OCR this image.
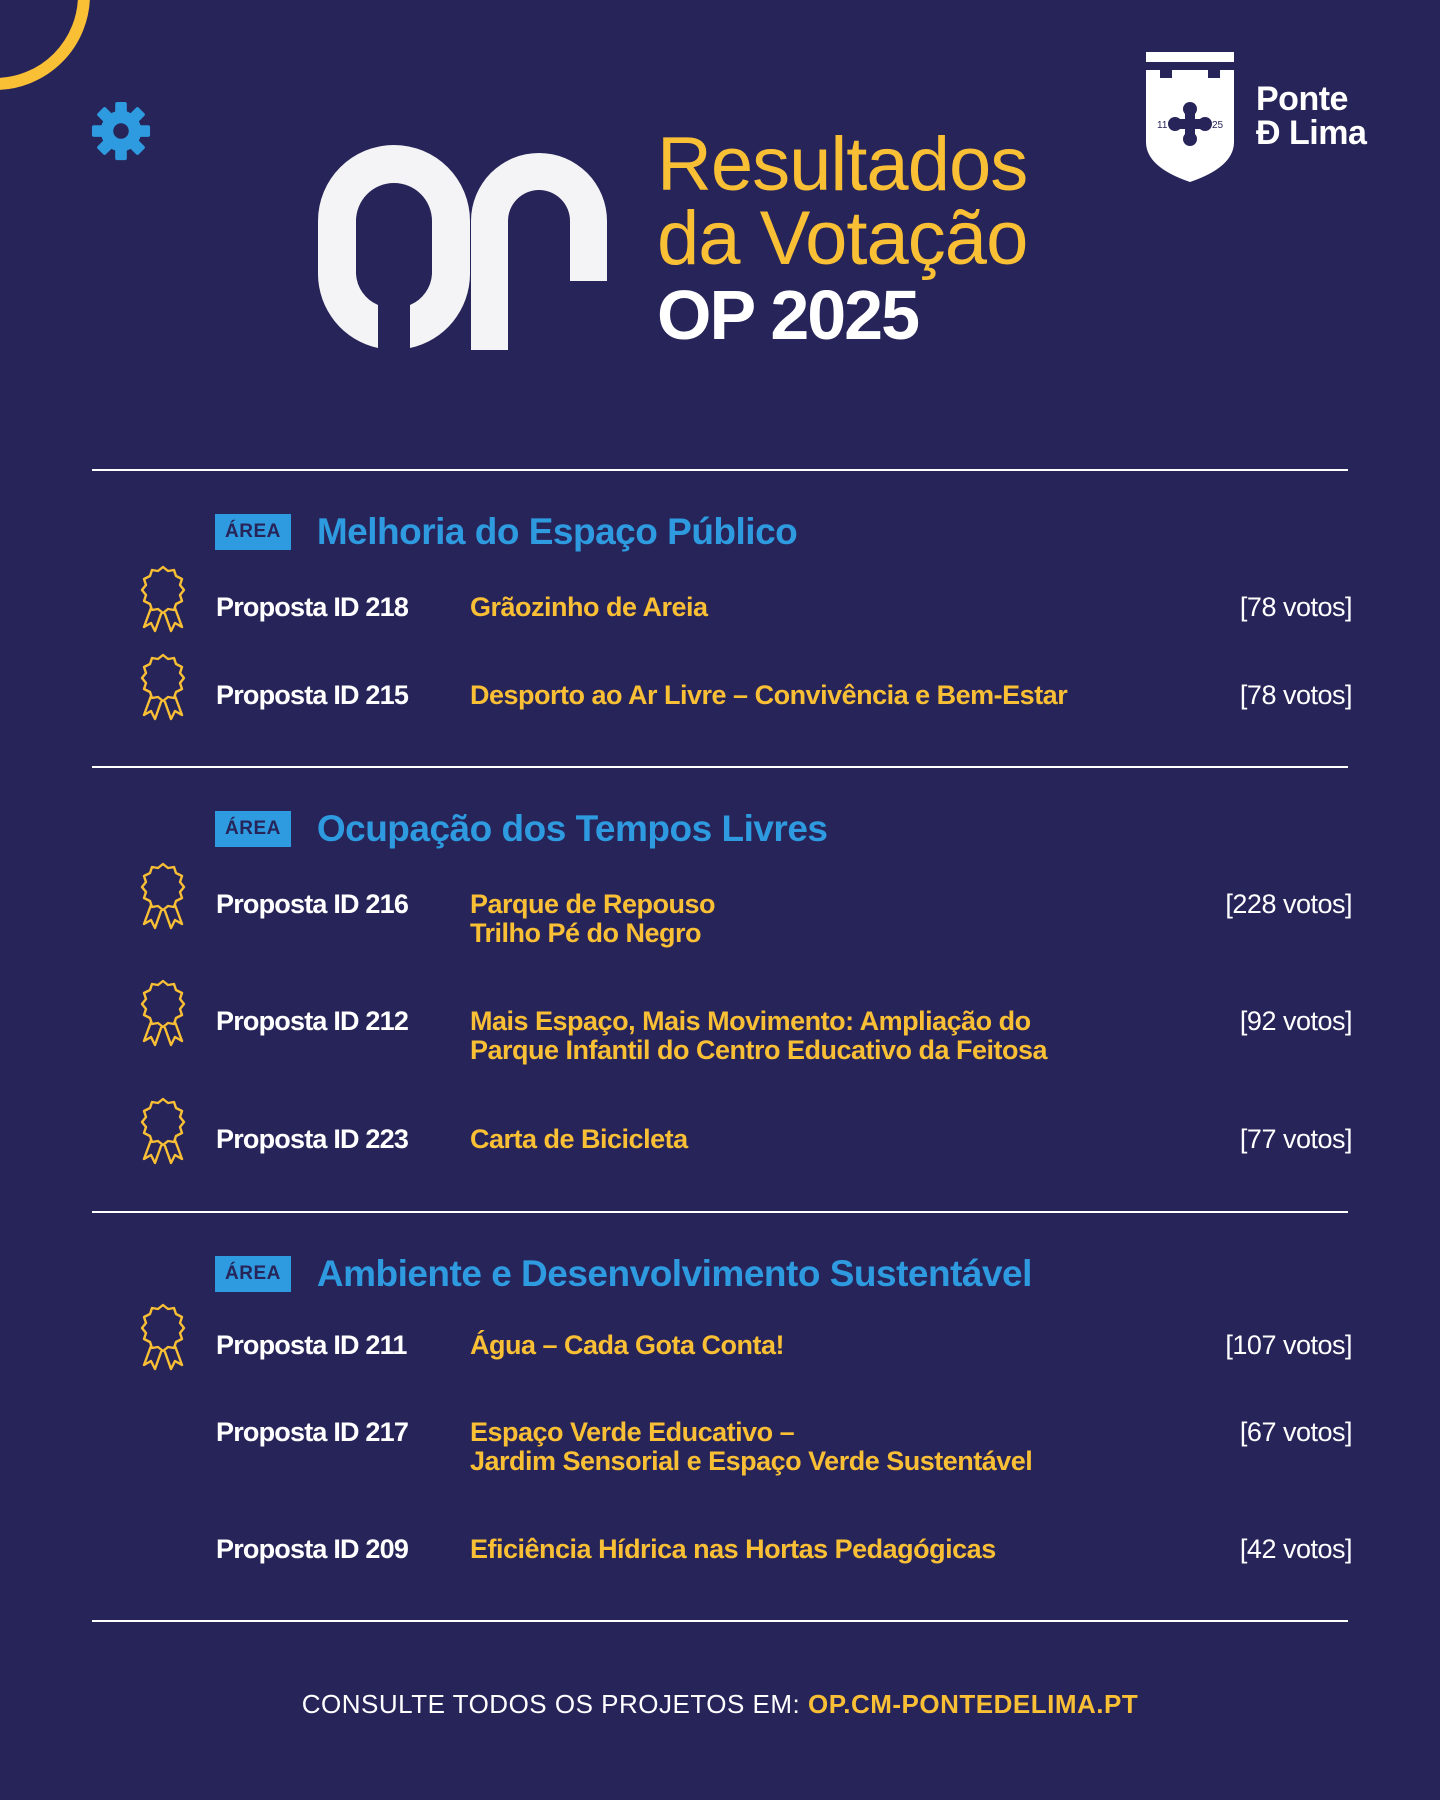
Resultados
da Votação
OP 2025
11	25
Ponte
Đ Lima
ÁREA Melhoria do Espaço Público
Proposta ID 218 Grãozinho de Areia	[78 votos]
Proposta ID 215 Desporto ao Ar Livre – Convivência e Bem-Estar	[78 votos]
ÁREA Ocupação dos Tempos Livres
Proposta ID 216 Parque de Repouso
Trilho Pé do Negro
[228 votos]
Proposta ID 212 Mais Espaço, Mais Movimento: Ampliação do
Parque Infantil do Centro Educativo da Feitosa
[92 votos]
Proposta ID 223 Carta de Bicicleta	[77 votos]
ÁREA Ambiente e Desenvolvimento Sustentável
Proposta ID 211 Água – Cada Gota Conta!	[107 votos]
Proposta ID 217 Espaço Verde Educativo –
Jardim Sensorial e Espaço Verde Sustentável
[67 votos]
Proposta ID 209 Eficiência Hídrica nas Hortas Pedagógicas	[42 votos]
CONSULTE TODOS OS PROJETOS EM: OP.CM-PONTEDELIMA.PT
